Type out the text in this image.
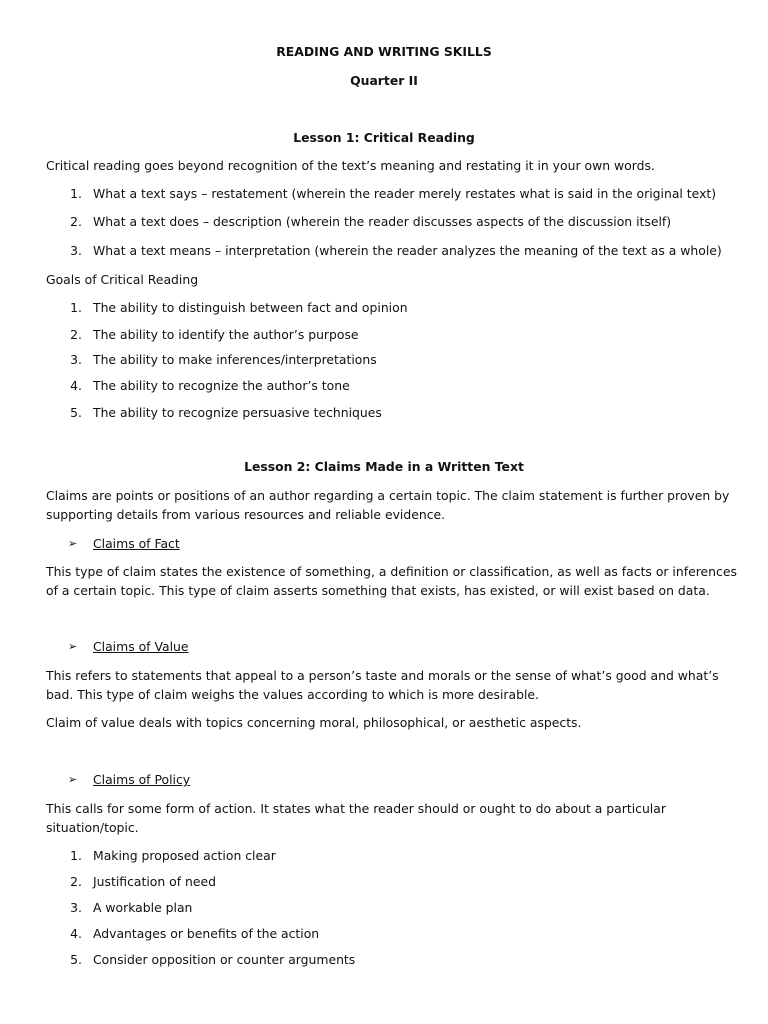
READING AND WRITING SKILLS

Quarter II

Lesson 1: Critical Reading

Critical reading goes beyond recognition of the text’s meaning and restating it in your own words.

1. What a text says – restatement (wherein the reader merely restates what is said in the original text)
2. What a text does – description (wherein the reader discusses aspects of the discussion itself)
3. What a text means – interpretation (wherein the reader analyzes the meaning of the text as a whole)

Goals of Critical Reading

1. The ability to distinguish between fact and opinion
2. The ability to identify the author’s purpose
3. The ability to make inferences/interpretations
4. The ability to recognize the author’s tone
5. The ability to recognize persuasive techniques

Lesson 2: Claims Made in a Written Text

Claims are points or positions of an author regarding a certain topic. The claim statement is further proven by

supporting details from various resources and reliable evidence.

➢ Claims of Fact

This type of claim states the existence of something, a definition or classification, as well as facts or inferences

of a certain topic. This type of claim asserts something that exists, has existed, or will exist based on data.

➢ Claims of Value

This refers to statements that appeal to a person’s taste and morals or the sense of what’s good and what’s

bad. This type of claim weighs the values according to which is more desirable.

Claim of value deals with topics concerning moral, philosophical, or aesthetic aspects.

➢ Claims of Policy

This calls for some form of action. It states what the reader should or ought to do about a particular

situation/topic.

1. Making proposed action clear
2. Justification of need
3. A workable plan
4. Advantages or benefits of the action
5. Consider opposition or counter arguments
